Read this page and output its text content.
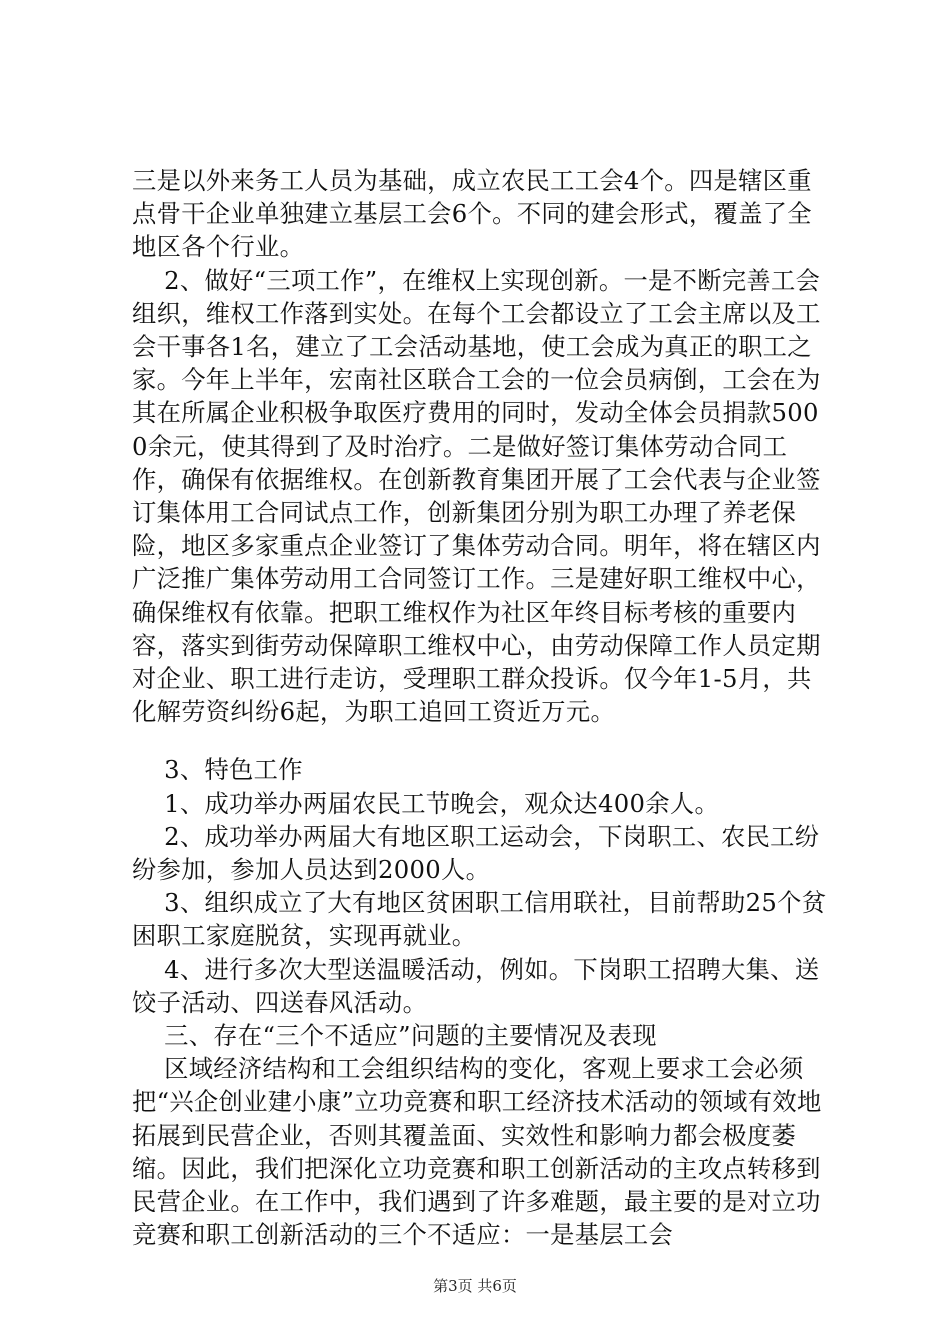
三是以外来务工人员为基础，成立农民工工会4个。四是辖区重点骨干企业单独建立基层工会6个。不同的建会形式，覆盖了全地区各个行业。

2、做好“三项工作”，在维权上实现创新。一是不断完善工会组织，维权工作落到实处。在每个工会都设立了工会主席以及工会干事各1名，建立了工会活动基地，使工会成为真正的职工之家。今年上半年，宏南社区联合工会的一位会员病倒，工会在为其在所属企业积极争取医疗费用的同时，发动全体会员捐款5000余元，使其得到了及时治疗。二是做好签订集体劳动合同工作，确保有依据维权。在创新教育集团开展了工会代表与企业签订集体用工合同试点工作，创新集团分别为职工办理了养老保险，地区多家重点企业签订了集体劳动合同。明年，将在辖区内广泛推广集体劳动用工合同签订工作。三是建好职工维权中心，确保维权有依靠。把职工维权作为社区年终目标考核的重要内容，落实到街劳动保障职工维权中心，由劳动保障工作人员定期对企业、职工进行走访，受理职工群众投诉。仅今年1-5月，共化解劳资纠纷6起，为职工追回工资近万元。

3、特色工作

1、成功举办两届农民工节晚会，观众达400余人。

2、成功举办两届大有地区职工运动会，下岗职工、农民工纷纷参加，参加人员达到2000人。

3、组织成立了大有地区贫困职工信用联社，目前帮助25个贫困职工家庭脱贫，实现再就业。

4、进行多次大型送温暖活动，例如。下岗职工招聘大集、送饺子活动、四送春风活动。

三、存在“三个不适应”问题的主要情况及表现

区域经济结构和工会组织结构的变化，客观上要求工会必须把“兴企创业建小康”立功竞赛和职工经济技术活动的领域有效地拓展到民营企业，否则其覆盖面、实效性和影响力都会极度萎缩。因此，我们把深化立功竞赛和职工创新活动的主攻点转移到民营企业。在工作中，我们遇到了许多难题，最主要的是对立功竞赛和职工创新活动的三个不适应：一是基层工会

第3页 共6页
